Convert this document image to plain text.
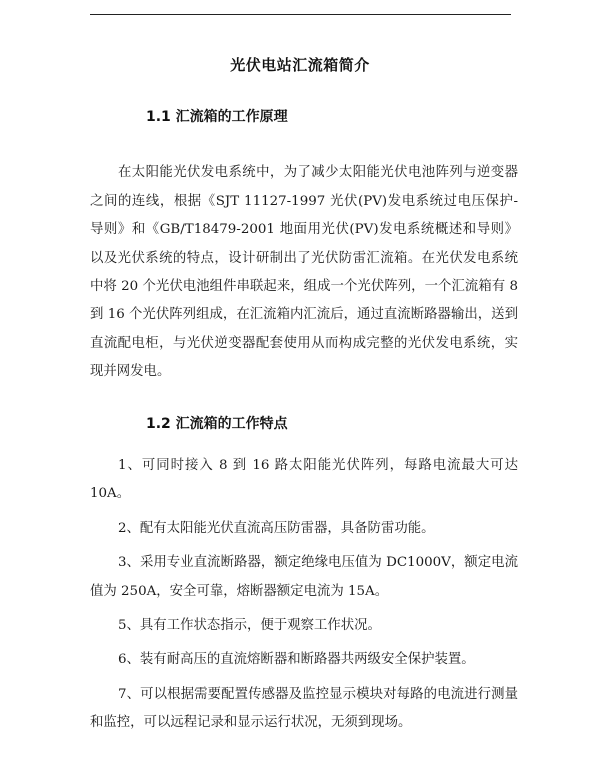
光伏电站汇流箱简介
1.1 汇流箱的工作原理

在太阳能光伏发电系统中，为了减少太阳能光伏电池阵列与逆变器之间的连线，根据《SJT 11127-1997 光伏(PV)发电系统过电压保护-导则》和《GB/T18479-2001 地面用光伏(PV)发电系统概述和导则》以及光伏系统的特点，设计研制出了光伏防雷汇流箱。在光伏发电系统中将 20 个光伏电池组件串联起来，组成一个光伏阵列，一个汇流箱有 8 到 16 个光伏阵列组成，在汇流箱内汇流后，通过直流断路器输出，送到直流配电柜，与光伏逆变器配套使用从而构成完整的光伏发电系统，实现并网发电。

1.2 汇流箱的工作特点

1、可同时接入 8 到 16 路太阳能光伏阵列，每路电流最大可达 10A。

2、配有太阳能光伏直流高压防雷器，具备防雷功能。

3、采用专业直流断路器，额定绝缘电压值为 DC1000V，额定电流值为 250A，安全可靠，熔断器额定电流为 15A。

5、具有工作状态指示，便于观察工作状况。

6、装有耐高压的直流熔断器和断路器共两级安全保护装置。

7、可以根据需要配置传感器及监控显示模块对每路的电流进行测量和监控，可以远程记录和显示运行状况，无须到现场。
